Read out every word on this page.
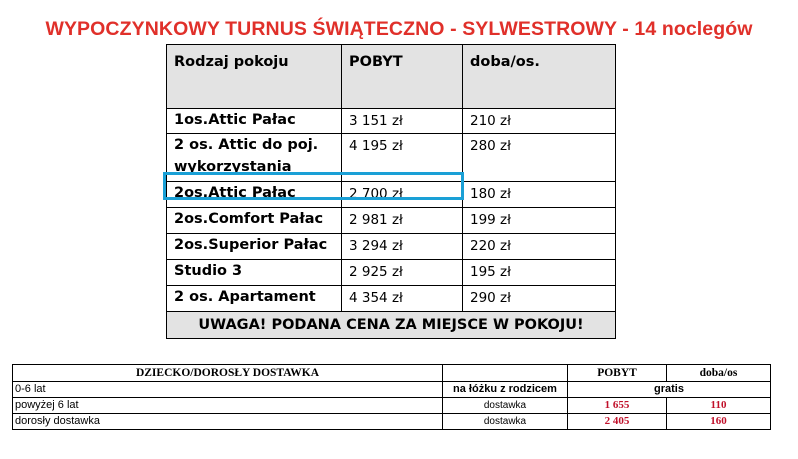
WYPOCZYNKOWY TURNUS ŚWIĄTECZNO - SYLWESTROWY - 14 noclegów
Rodzaj pokoju	POBYT	doba/os.
1os.Attic Pałac	3 151 zł	210 zł
2 os. Attic do poj. wykorzystania	4 195 zł	280 zł
2os.Attic Pałac	2 700 zł	180 zł
2os.Comfort Pałac	2 981 zł	199 zł
2os.Superior Pałac	3 294 zł	220 zł
Studio 3	2 925 zł	195 zł
2 os. Apartament	4 354 zł	290 zł
UWAGA! PODANA CENA ZA MIEJSCE W POKOJU!		
DZIECKO/DOROSŁY DOSTAWKA		POBYT	doba/os
0-6 lat	na łóżku z rodzicem	gratis	
powyżej 6 lat	dostawka	1 655	110
dorosły dostawka	dostawka	2 405	160
